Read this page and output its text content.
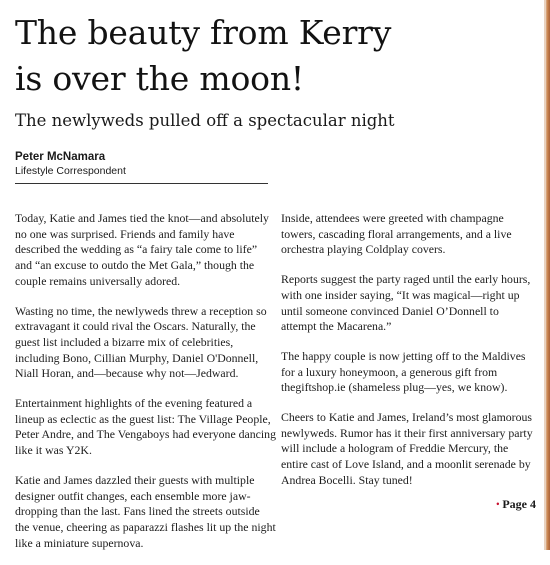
The beauty from Kerry
is over the moon!
The newlyweds pulled off a spectacular night
Peter McNamara
Lifestyle Correspondent

Today, Katie and James tied the knot—and absolutely no one was surprised. Friends and family have described the wedding as “a fairy tale come to life” and “an excuse to outdo the Met Gala,” though the couple remains universally adored.

Wasting no time, the newlyweds threw a reception so extravagant it could rival the Oscars. Naturally, the guest list included a bizarre mix of celebrities, including Bono, Cillian Murphy, Daniel O'Donnell, Niall Horan, and—because why not—Jedward.

Entertainment highlights of the evening featured a lineup as eclectic as the guest list: The Village People, Peter Andre, and The Vengaboys had everyone dancing like it was Y2K.

Katie and James dazzled their guests with multiple designer outfit changes, each ensemble more jaw-dropping than the last. Fans lined the streets outside the venue, cheering as paparazzi flashes lit up the night like a miniature supernova.

Inside, attendees were greeted with champagne towers, cascading floral arrangements, and a live orchestra playing Coldplay covers.

Reports suggest the party raged until the early hours, with one insider saying, “It was magical—right up until someone convinced Daniel O’Donnell to attempt the Macarena.”

The happy couple is now jetting off to the Maldives for a luxury honeymoon, a generous gift from thegiftshop.ie (shameless plug—yes, we know).

Cheers to Katie and James, Ireland’s most glamorous newlyweds. Rumor has it their first anniversary party will include a hologram of Freddie Mercury, the entire cast of Love Island, and a moonlit serenade by Andrea Bocelli. Stay tuned!

• Page 4
